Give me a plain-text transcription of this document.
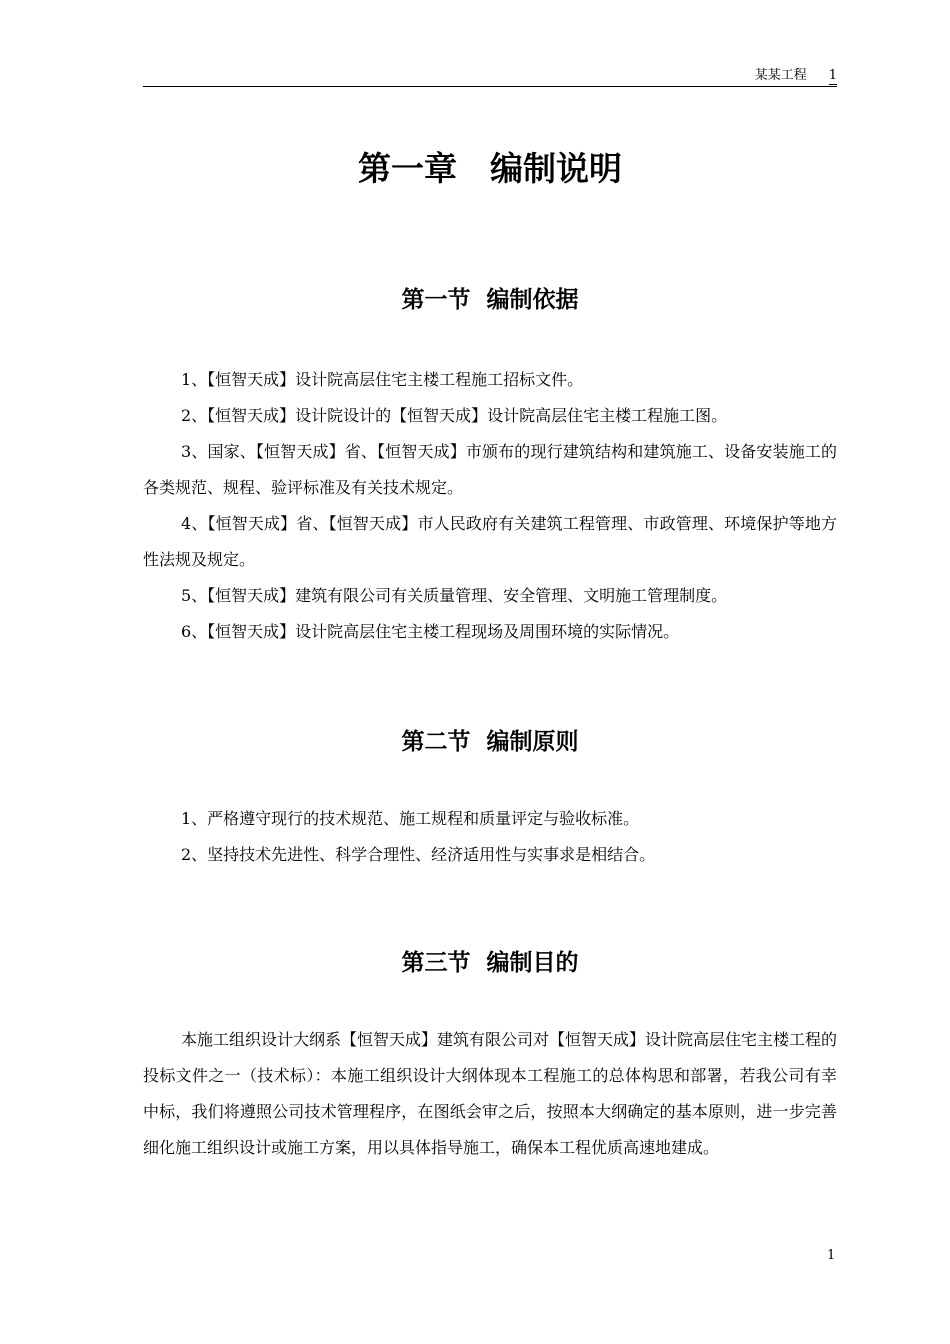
某某工程 1
第一章　编制说明
第一节  编制依据

1、【恒智天成】设计院高层住宅主楼工程施工招标文件。

2、【恒智天成】设计院设计的【恒智天成】设计院高层住宅主楼工程施工图。

3、国家、【恒智天成】省、【恒智天成】市颁布的现行建筑结构和建筑施工、设备安装施工的各类规范、规程、验评标准及有关技术规定。

4、【恒智天成】省、【恒智天成】市人民政府有关建筑工程管理、市政管理、环境保护等地方性法规及规定。

5、【恒智天成】建筑有限公司有关质量管理、安全管理、文明施工管理制度。

6、【恒智天成】设计院高层住宅主楼工程现场及周围环境的实际情况。

第二节  编制原则

1、严格遵守现行的技术规范、施工规程和质量评定与验收标准。

2、坚持技术先进性、科学合理性、经济适用性与实事求是相结合。

第三节  编制目的

本施工组织设计大纲系【恒智天成】建筑有限公司对【恒智天成】设计院高层住宅主楼工程的投标文件之一（技术标）：本施工组织设计大纲体现本工程施工的总体构思和部署，若我公司有幸中标，我们将遵照公司技术管理程序，在图纸会审之后，按照本大纲确定的基本原则，进一步完善细化施工组织设计或施工方案，用以具体指导施工，确保本工程优质高速地建成。

1
